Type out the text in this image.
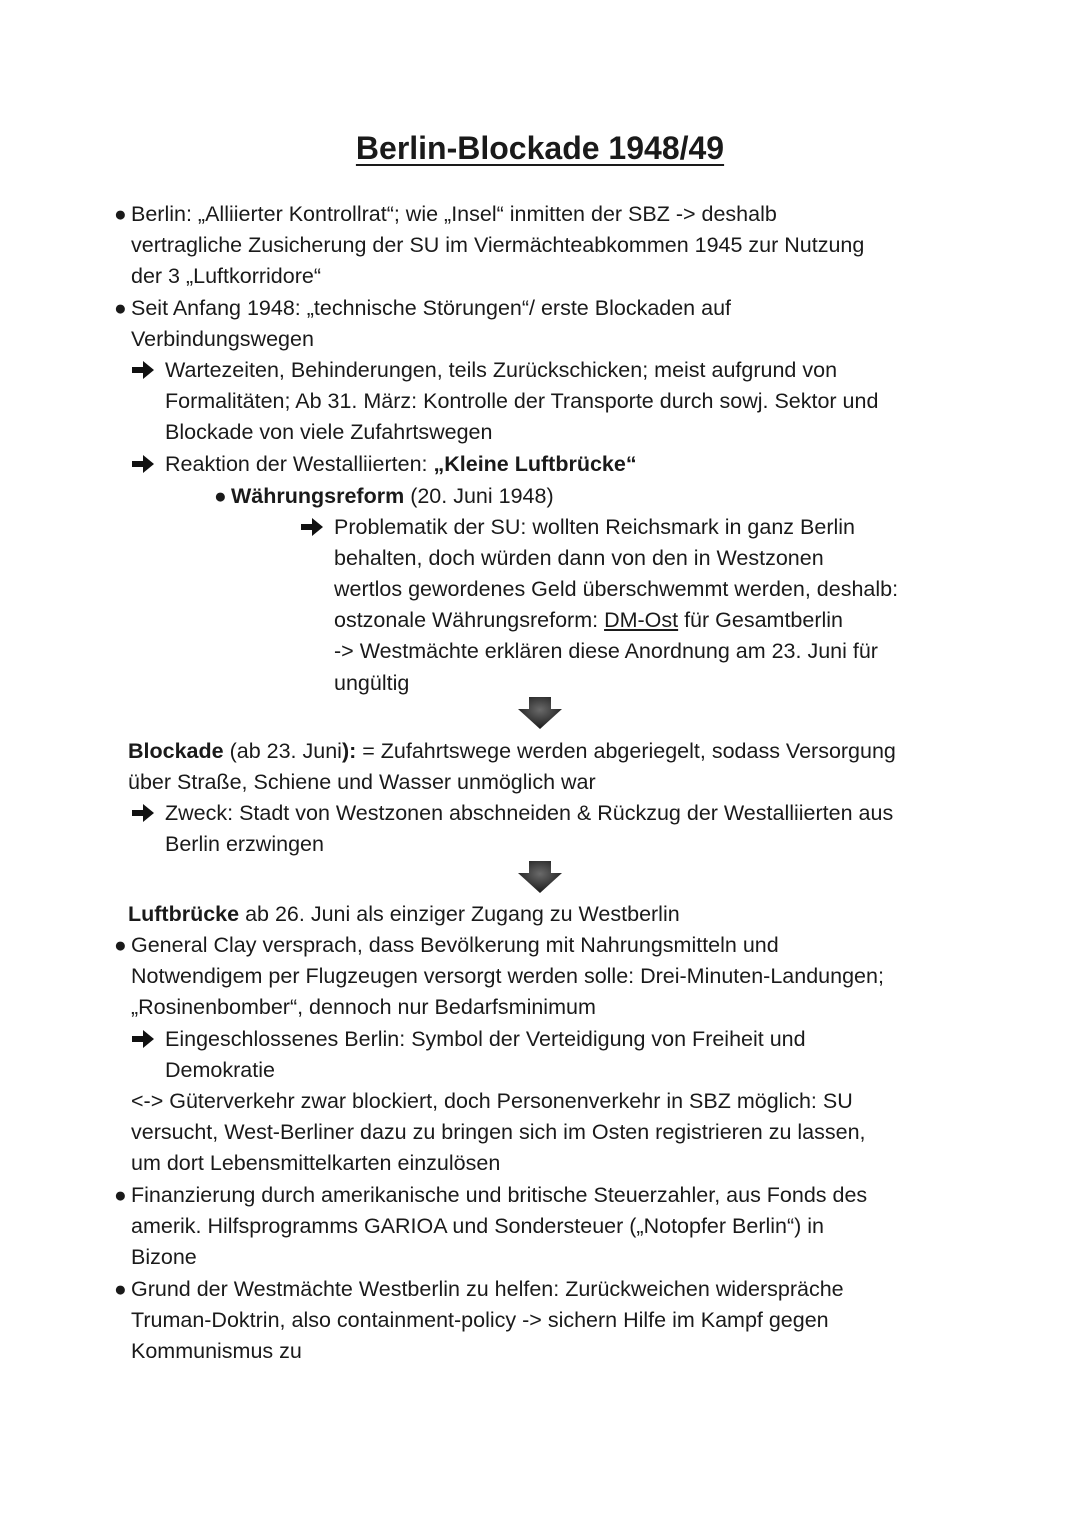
Berlin-Blockade 1948/49
● Berlin: „Alliierter Kontrollrat“; wie „Insel“ inmitten der SBZ -> deshalb
vertragliche Zusicherung der SU im Viermächteabkommen 1945 zur Nutzung
der 3 „Luftkorridore“
● Seit Anfang 1948: „technische Störungen“/ erste Blockaden auf
Verbindungswegen
Wartezeiten, Behinderungen, teils Zurückschicken; meist aufgrund von
Formalitäten; Ab 31. März: Kontrolle der Transporte durch sowj. Sektor und
Blockade von viele Zufahrtswegen
Reaktion der Westalliierten: „Kleine Luftbrücke“
● Währungsreform (20. Juni 1948)
Problematik der SU: wollten Reichsmark in ganz Berlin
behalten, doch würden dann von den in Westzonen
wertlos gewordenes Geld überschwemmt werden, deshalb:
ostzonale Währungsreform: DM-Ost für Gesamtberlin
-> Westmächte erklären diese Anordnung am 23. Juni für
ungültig
Blockade (ab 23. Juni): = Zufahrtswege werden abgeriegelt, sodass Versorgung
über Straße, Schiene und Wasser unmöglich war
Zweck: Stadt von Westzonen abschneiden & Rückzug der Westalliierten aus
Berlin erzwingen
Luftbrücke ab 26. Juni als einziger Zugang zu Westberlin
● General Clay versprach, dass Bevölkerung mit Nahrungsmitteln und
Notwendigem per Flugzeugen versorgt werden solle: Drei-Minuten-Landungen;
„Rosinenbomber“, dennoch nur Bedarfsminimum
Eingeschlossenes Berlin: Symbol der Verteidigung von Freiheit und
Demokratie
<-> Güterverkehr zwar blockiert, doch Personenverkehr in SBZ möglich: SU
versucht, West-Berliner dazu zu bringen sich im Osten registrieren zu lassen,
um dort Lebensmittelkarten einzulösen
● Finanzierung durch amerikanische und britische Steuerzahler, aus Fonds des
amerik. Hilfsprogramms GARIOA und Sondersteuer („Notopfer Berlin“) in
Bizone
● Grund der Westmächte Westberlin zu helfen: Zurückweichen widerspräche
Truman-Doktrin, also containment-policy -> sichern Hilfe im Kampf gegen
Kommunismus zu
